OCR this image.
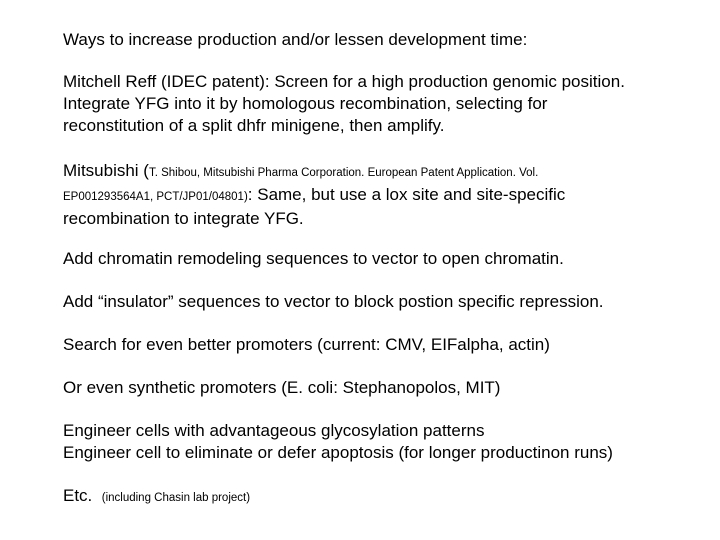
Ways to increase production and/or lessen development time:
Mitchell Reff (IDEC patent): Screen for a high production genomic position.
Integrate YFG into it by homologous recombination, selecting for
reconstitution of a split dhfr minigene, then amplify.
Mitsubishi (T. Shibou, Mitsubishi Pharma Corporation. European Patent Application. Vol.
EP001293564A1, PCT/JP01/04801): Same, but use a lox site and site-specific
recombination to integrate YFG.
Add chromatin remodeling sequences to vector to open chromatin.
Add “insulator” sequences to vector to block postion specific repression.
Search for even better promoters (current: CMV, EIFalpha, actin)
Or even synthetic promoters (E. coli: Stephanopolos, MIT)
Engineer cells with advantageous glycosylation patterns
Engineer cell to eliminate or defer apoptosis (for longer productinon runs)
Etc. (including Chasin lab project)
